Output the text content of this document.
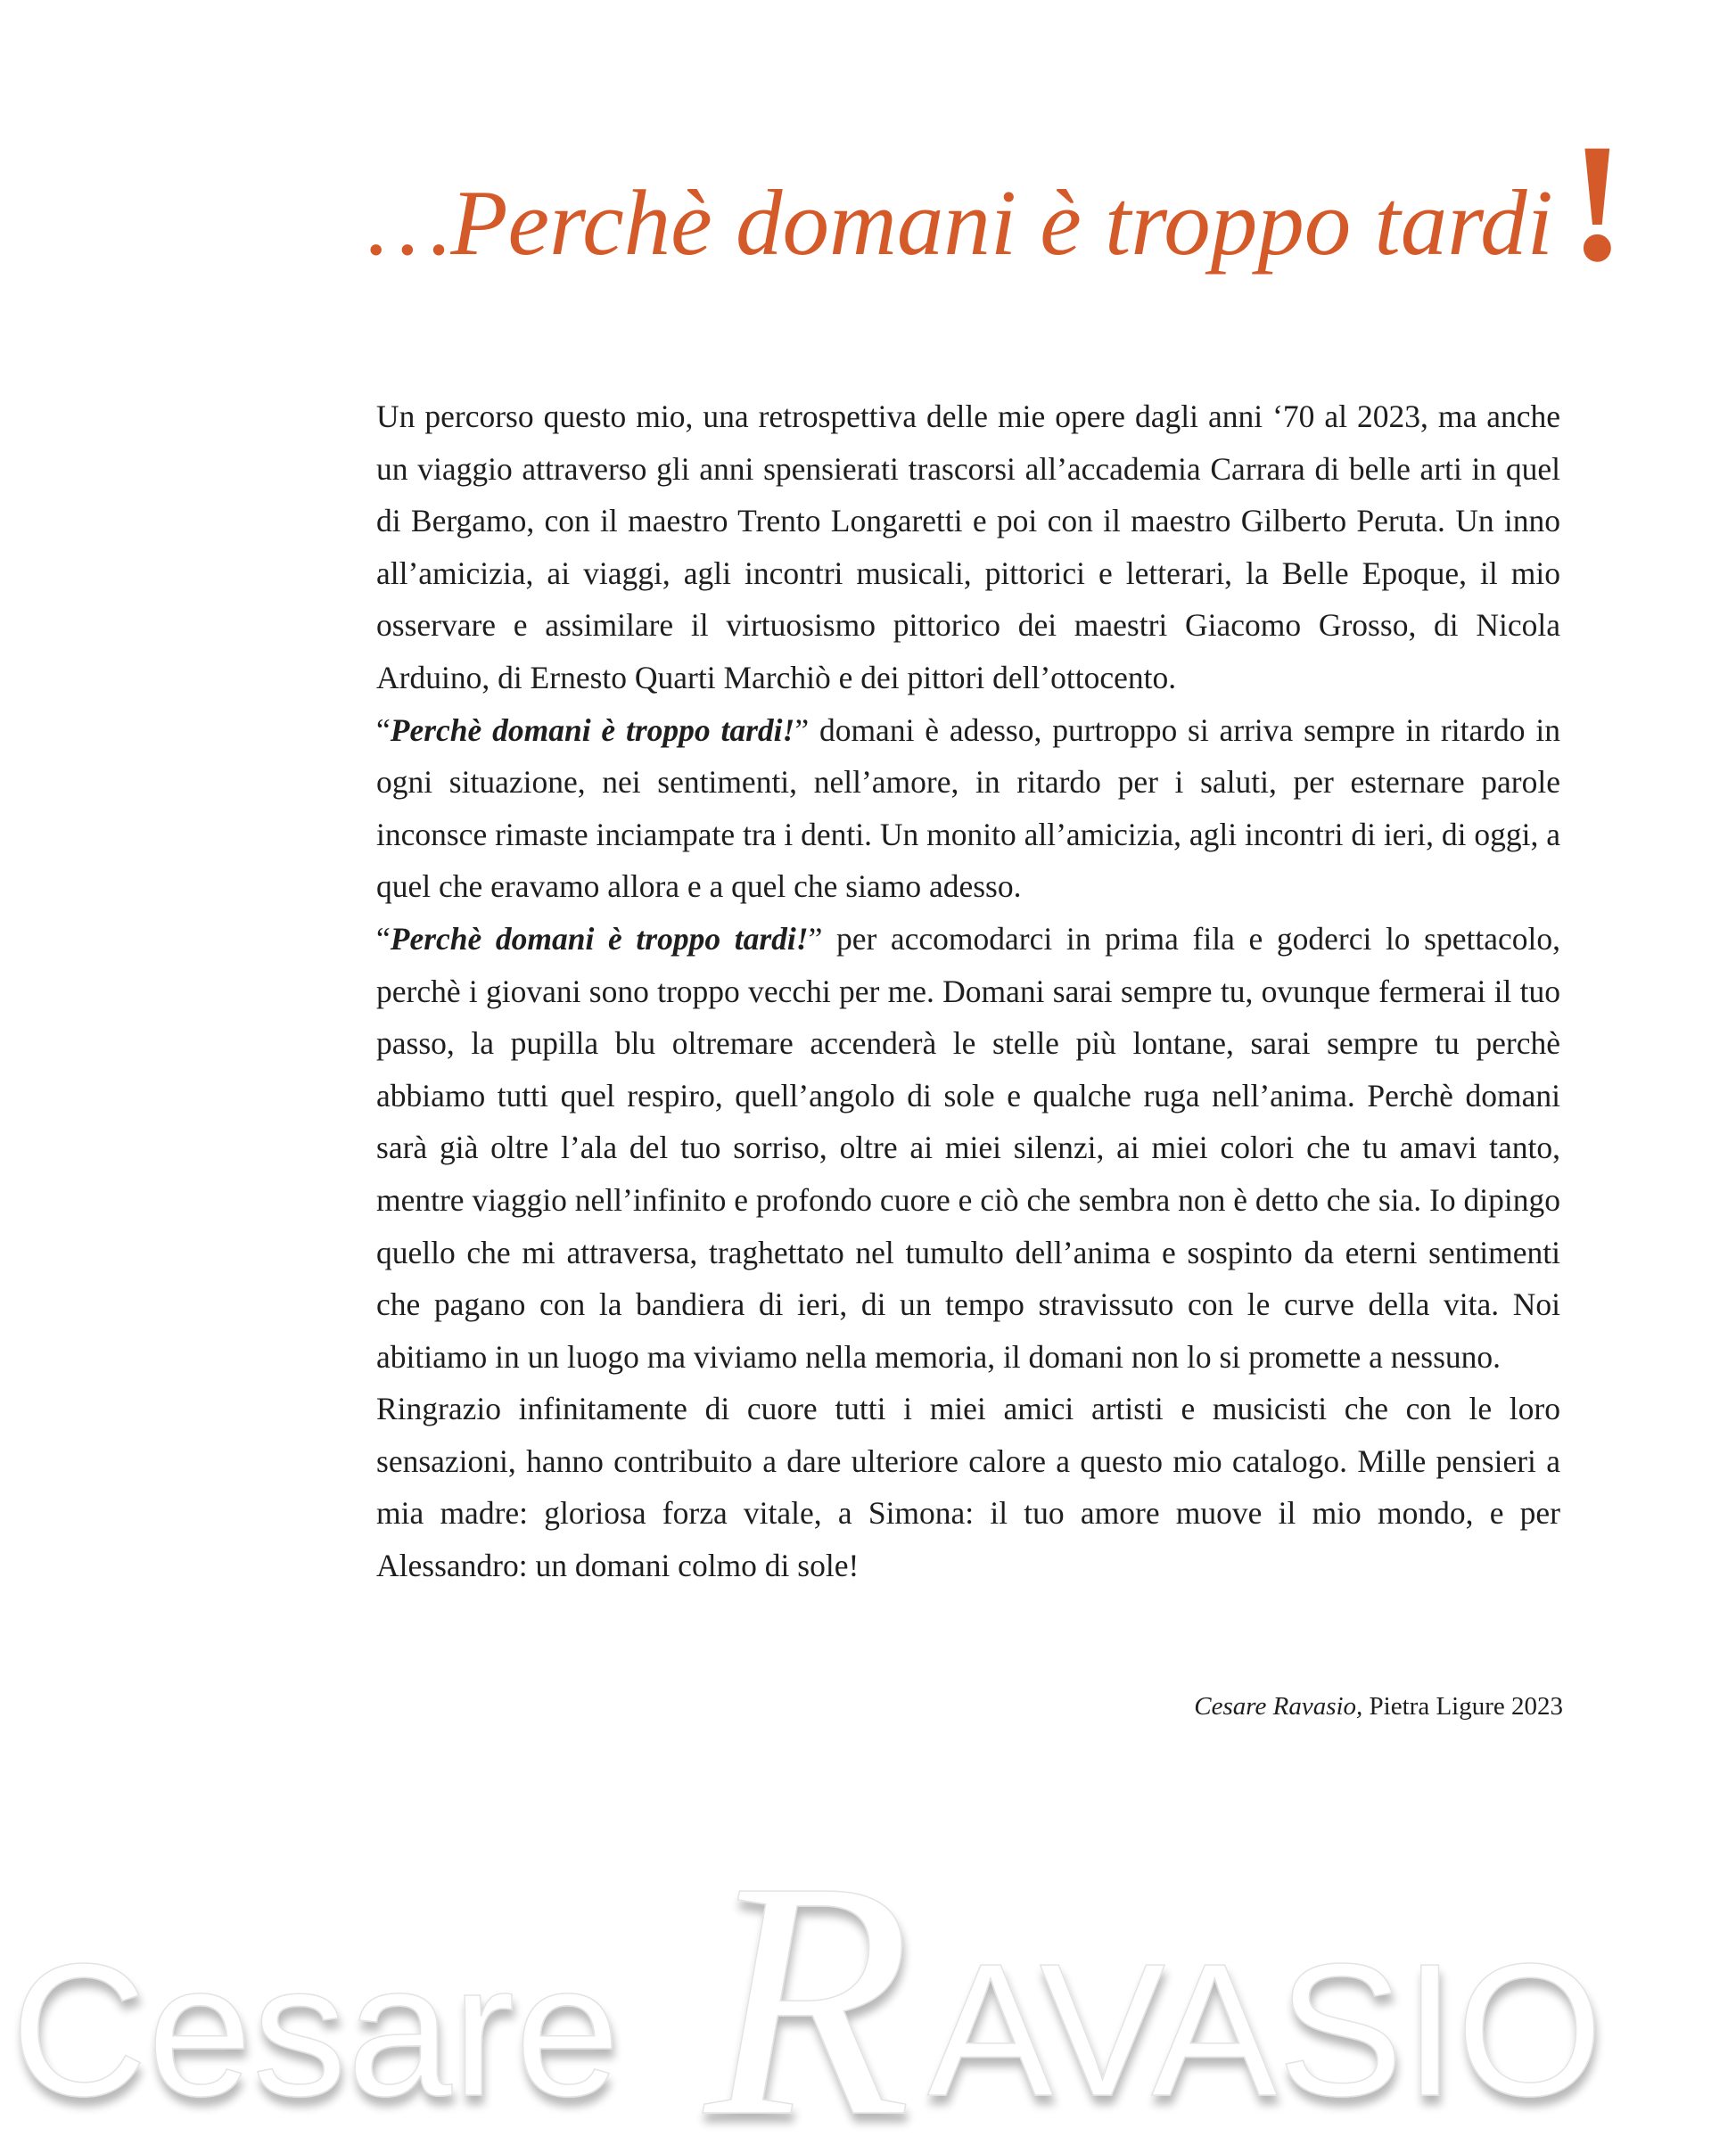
…Perchè domani è troppo tardi!

Un percorso questo mio, una retrospettiva delle mie opere dagli anni ‘70 al 2023, ma anche un viaggio attraverso gli anni spensierati trascorsi all’accademia Carrara di belle arti in quel di Bergamo, con il maestro Trento Longaretti e poi con il maestro Gilberto Peruta. Un inno all’amicizia, ai viaggi, agli incontri musicali, pittorici e letterari, la Belle Epoque, il mio osservare e assimilare il virtuosismo pittorico dei maestri Giacomo Grosso, di Nicola Arduino, di Ernesto Quarti Marchiò e dei pittori dell’ottocento.

“Perchè domani è troppo tardi!” domani è adesso, purtroppo si arriva sempre in ritardo in ogni situazione, nei sentimenti, nell’amore, in ritardo per i saluti, per esternare parole inconsce rimaste inciampate tra i denti. Un monito all’amicizia, agli incontri di ieri, di oggi, a quel che eravamo allora e a quel che siamo adesso.

“Perchè domani è troppo tardi!” per accomodarci in prima fila e goderci lo spettacolo, perchè i giovani sono troppo vecchi per me. Domani sarai sempre tu, ovunque fermerai il tuo passo, la pupilla blu oltremare accenderà le stelle più lontane, sarai sempre tu perchè abbiamo tutti quel respiro, quell’angolo di sole e qualche ruga nell’anima. Perchè domani sarà già oltre l’ala del tuo sorriso, oltre ai miei silenzi, ai miei colori che tu amavi tanto, mentre viaggio nell’infinito e profondo cuore e ciò che sembra non è detto che sia. Io dipingo quello che mi attraversa, traghettato nel tumulto dell’anima e sospinto da eterni sentimenti che pagano con la bandiera di ieri, di un tempo stravissuto con le curve della vita. Noi abitiamo in un luogo ma viviamo nella memoria, il domani non lo si promette a nessuno.

Ringrazio infinitamente di cuore tutti i miei amici artisti e musicisti che con le loro sensazioni, hanno contribuito a dare ulteriore calore a questo mio catalogo. Mille pensieri a mia madre: gloriosa forza vitale, a Simona: il tuo amore muove il mio mondo, e per Alessandro: un domani colmo di sole!

Cesare Ravasio, Pietra Ligure 2023
Cesare R AVASIO
